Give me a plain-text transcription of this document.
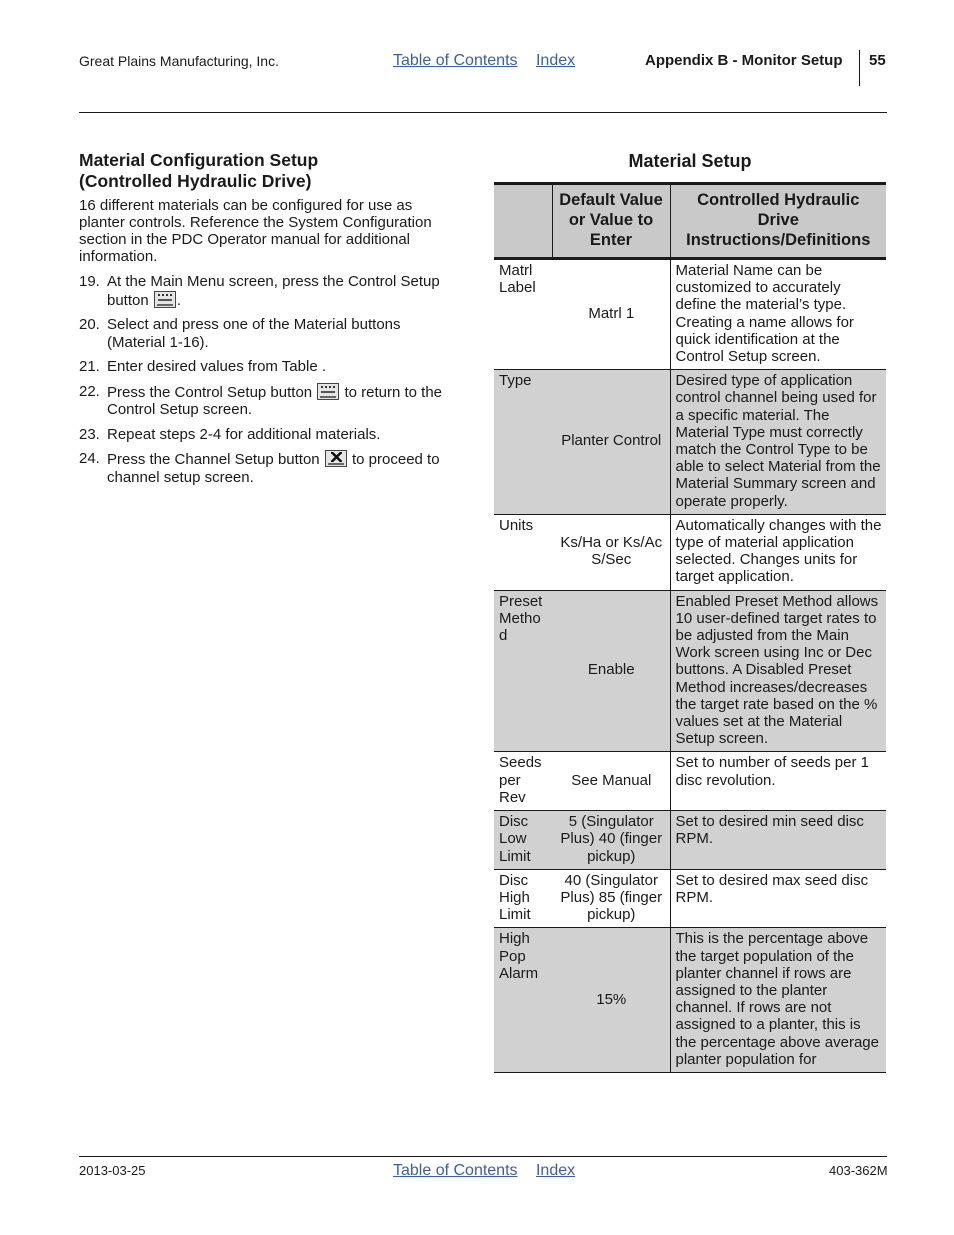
Great Plains Manufacturing, Inc.	Table of Contents Index	Appendix B - Monitor Setup 55
Material Configuration Setup
(Controlled Hydraulic Drive)

16 different materials can be configured for use as planter controls. Reference the System Configuration section in the PDC Operator manual for additional information.

19. At the Main Menu screen, press the Control Setup button .
20. Select and press one of the Material buttons (Material 1-16).
21. Enter desired values from Table .
22. Press the Control Setup button  to return to the Control Setup screen.
23. Repeat steps 2-4 for additional materials.
24. Press the Channel Setup button  to proceed to channel setup screen.
Material Setup
	Default Value or Value to Enter	Controlled Hydraulic Drive Instructions/Definitions
Matrl Label	Matrl 1	Material Name can be customized to accurately define the material’s type. Creating a name allows for quick identification at the Control Setup screen.
Type	Planter Control	Desired type of application control channel being used for a specific material. The Material Type must correctly match the Control Type to be able to select Material from the Material Summary screen and operate properly.
Units	Ks/Ha or Ks/Ac S/Sec	Automatically changes with the type of material application selected. Changes units for target application.
Preset Metho d	Enable	Enabled Preset Method allows 10 user-defined target rates to be adjusted from the Main Work screen using Inc or Dec buttons. A Disabled Preset Method increases/decreases the target rate based on the % values set at the Material Setup screen.
Seeds per Rev	See Manual	Set to number of seeds per 1 disc revolution.
Disc Low Limit	5 (Singulator Plus) 40 (finger pickup)	Set to desired min seed disc RPM.
Disc High Limit	40 (Singulator Plus) 85 (finger pickup)	Set to desired max seed disc RPM.
High Pop Alarm	15%	This is the percentage above the target population of the planter channel if rows are assigned to the planter channel. If rows are not assigned to a planter, this is the percentage above average planter population for
2013-03-25	Table of Contents Index	403-362M
